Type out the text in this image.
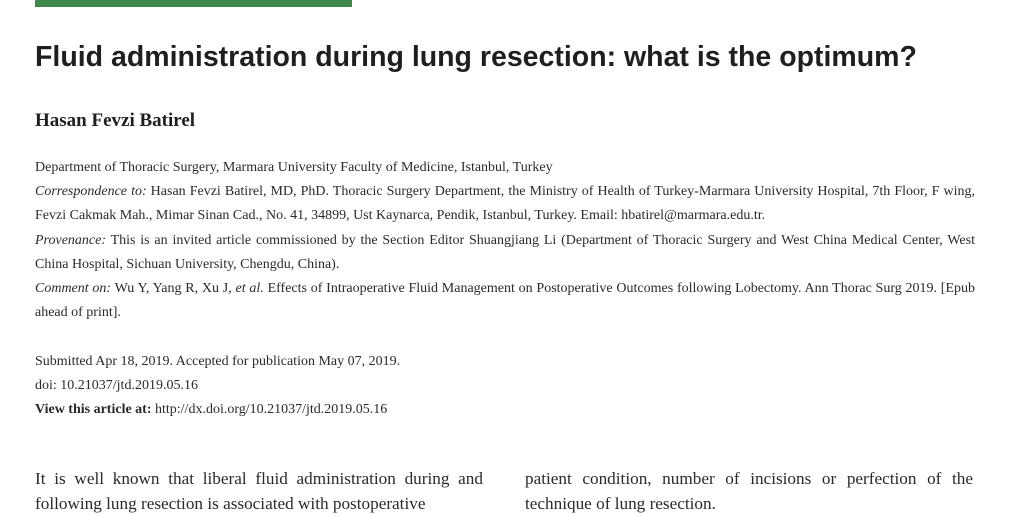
Fluid administration during lung resection: what is the optimum?
Hasan Fevzi Batirel

Department of Thoracic Surgery, Marmara University Faculty of Medicine, Istanbul, Turkey

Correspondence to: Hasan Fevzi Batirel, MD, PhD. Thoracic Surgery Department, the Ministry of Health of Turkey-Marmara University Hospital, 7th Floor, F wing, Fevzi Cakmak Mah., Mimar Sinan Cad., No. 41, 34899, Ust Kaynarca, Pendik, Istanbul, Turkey. Email: hbatirel@marmara.edu.tr.

Provenance: This is an invited article commissioned by the Section Editor Shuangjiang Li (Department of Thoracic Surgery and West China Medical Center, West China Hospital, Sichuan University, Chengdu, China).

Comment on: Wu Y, Yang R, Xu J, et al. Effects of Intraoperative Fluid Management on Postoperative Outcomes following Lobectomy. Ann Thorac Surg 2019. [Epub ahead of print].

Submitted Apr 18, 2019. Accepted for publication May 07, 2019.

doi: 10.21037/jtd.2019.05.16

View this article at: http://dx.doi.org/10.21037/jtd.2019.05.16

It is well known that liberal fluid administration during and following lung resection is associated with postoperative

patient condition, number of incisions or perfection of the technique of lung resection.
